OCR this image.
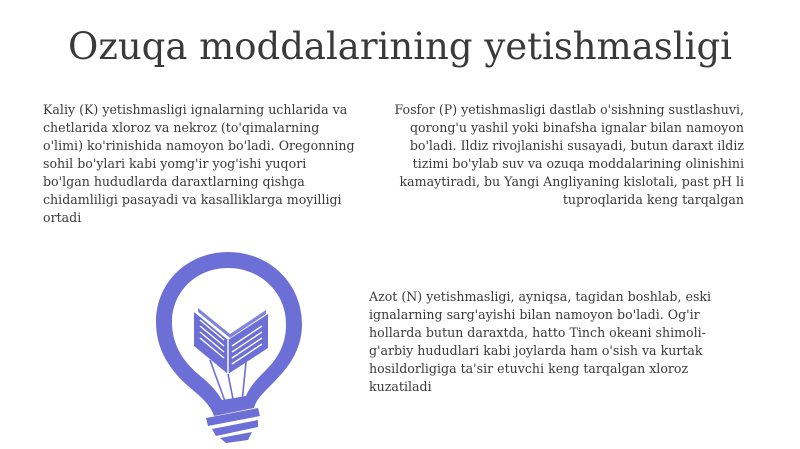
Ozuqa moddalarining yetishmasligi

Kaliy (K) yetishmasligi ignalarning uchlarida va chetlarida xloroz va nekroz (to'qimalarning o'limi) ko'rinishida namoyon bo'ladi. Oregonning sohil bo'ylari kabi yomg'ir yog'ishi yuqori bo'lgan hududlarda daraxtlarning qishga chidamliligi pasayadi va kasalliklarga moyilligi ortadi

Fosfor (P) yetishmasligi dastlab o'sishning sustlashuvi, qorong'u yashil yoki binafsha ignalar bilan namoyon bo'ladi. Ildiz rivojlanishi susayadi, butun daraxt ildiz tizimi bo'ylab suv va ozuqa moddalarining olinishini kamaytiradi, bu Yangi Angliyaning kislotali, past pH li tuproqlarida keng tarqalgan

Azot (N) yetishmasligi, ayniqsa, tagidan boshlab, eski ignalarning sarg'ayishi bilan namoyon bo'ladi. Og'ir hollarda butun daraxtda, hatto Tinch okeani shimoli-g'arbiy hududlari kabi joylarda ham o'sish va kurtak hosildorligiga ta'sir etuvchi keng tarqalgan xloroz kuzatiladi
